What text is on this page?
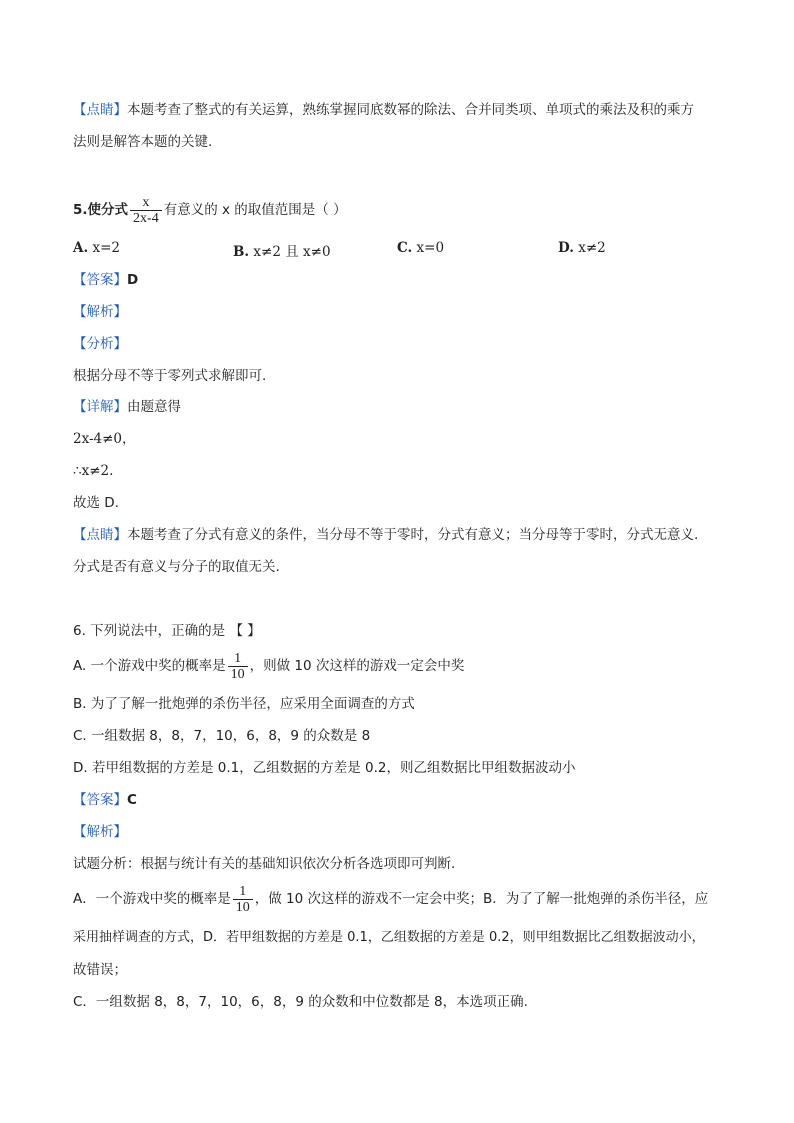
【点睛】本题考查了整式的有关运算，熟练掌握同底数幂的除法、合并同类项、单项式的乘法及积的乘方
法则是解答本题的关键.
5.使分式 $\frac{x}{2x-4}$ 有意义的 x 的取值范围是（ ）
A. x=2	B. x≠2 且 x≠0	C. x=0	D. x≠2
【答案】D
【解析】
【分析】
根据分母不等于零列式求解即可.
【详解】由题意得
2x-4≠0，
∴x≠2.
故选 D.
【点睛】本题考查了分式有意义的条件，当分母不等于零时，分式有意义；当分母等于零时，分式无意义.
分式是否有意义与分子的取值无关.
6. 下列说法中，正确的是 【 】
A. 一个游戏中奖的概率是 $\frac{1}{10}$ ，则做 10 次这样的游戏一定会中奖
B. 为了了解一批炮弹的杀伤半径，应采用全面调查的方式
C. 一组数据 8，8，7，10，6，8，9 的众数是 8
D. 若甲组数据的方差是 0.1，乙组数据的方差是 0.2，则乙组数据比甲组数据波动小
【答案】C
【解析】
试题分析：根据与统计有关的基础知识依次分析各选项即可判断.
A．一个游戏中奖的概率是 $\frac{1}{10}$ ，做 10 次这样的游戏不一定会中奖；B．为了了解一批炮弹的杀伤半径，应
采用抽样调查的方式，D．若甲组数据的方差是 0.1，乙组数据的方差是 0.2，则甲组数据比乙组数据波动小，
故错误；
C．一组数据 8，8，7，10，6，8，9 的众数和中位数都是 8，本选项正确.
